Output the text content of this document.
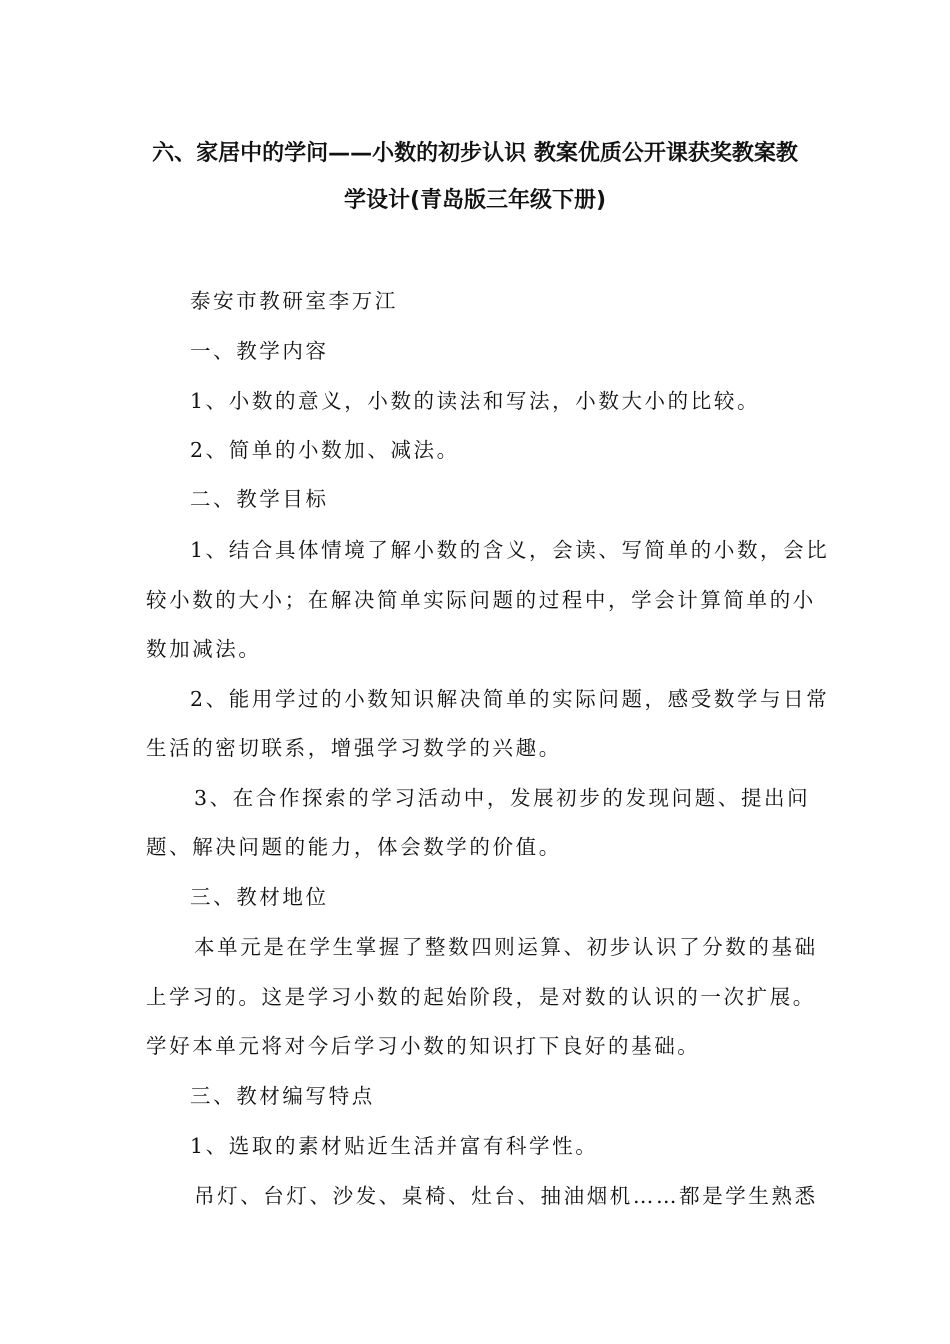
六、家居中的学问——小数的初步认识 教案优质公开课获奖教案教
学设计(青岛版三年级下册)
泰安市教研室李万江
一、教学内容
1、小数的意义，小数的读法和写法，小数大小的比较。
2、简单的小数加、减法。
二、教学目标
1、结合具体情境了解小数的含义，会读、写简单的小数，会比
较小数的大小；在解决简单实际问题的过程中，学会计算简单的小
数加减法。
2、能用学过的小数知识解决简单的实际问题，感受数学与日常
生活的密切联系，增强学习数学的兴趣。
3、在合作探索的学习活动中，发展初步的发现问题、提出问
题、解决问题的能力，体会数学的价值。
三、教材地位
本单元是在学生掌握了整数四则运算、初步认识了分数的基础
上学习的。这是学习小数的起始阶段，是对数的认识的一次扩展。
学好本单元将对今后学习小数的知识打下良好的基础。
三、教材编写特点
1、选取的素材贴近生活并富有科学性。
吊灯、台灯、沙发、桌椅、灶台、抽油烟机……都是学生熟悉
